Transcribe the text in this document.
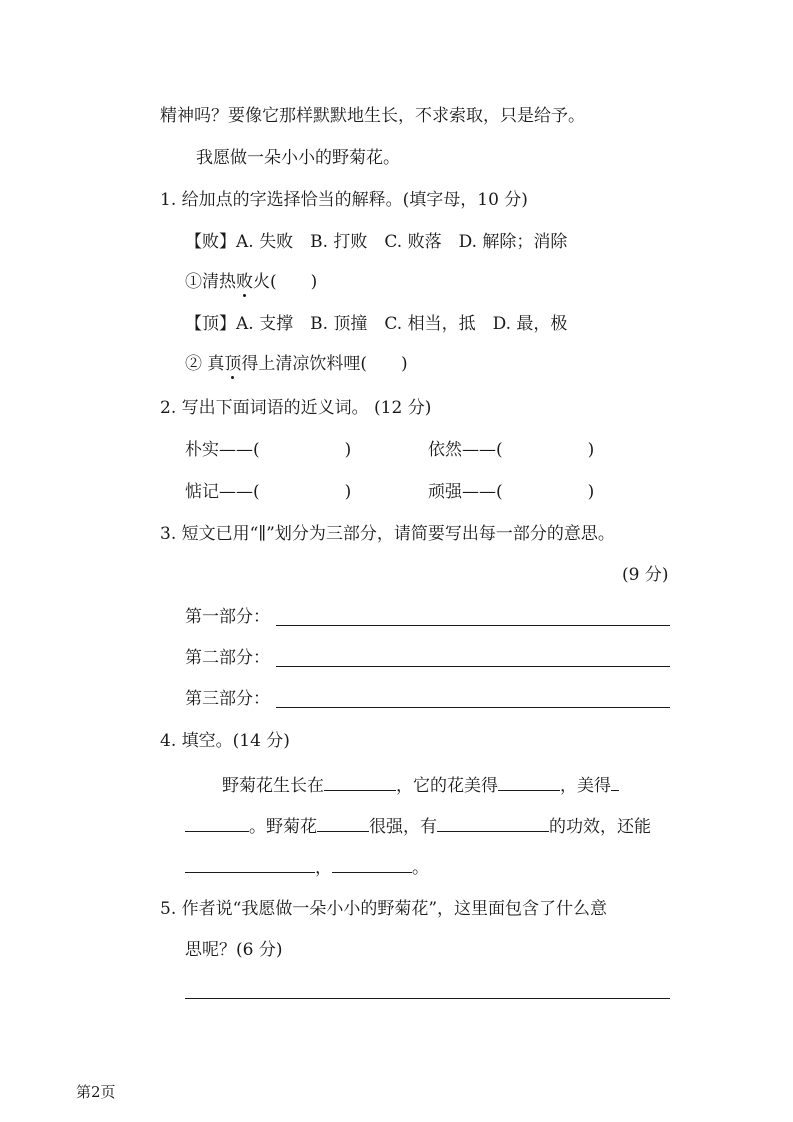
精神吗？要像它那样默默地生长，不求索取，只是给予。
我愿做一朵小小的野菊花。
1. 给加点的字选择恰当的解释。(填字母，10 分)
【败】A. 失败　B. 打败　C. 败落　D. 解除；消除
①清热败火(　　)
【顶】A. 支撑　B. 顶撞　C. 相当，抵　D. 最，极
② 真顶得上清凉饮料哩(　　)
2. 写出下面词语的近义词。 (12 分)
朴实——(　　　　　)	依然——(　　　　　)
惦记——(　　　　　)	顽强——(　　　　　)
3. 短文已用“∥”划分为三部分，请简要写出每一部分的意思。
(9 分)
第一部分：
第二部分：
第三部分：
4. 填空。(14 分)
野菊花生长在	，它的花美得	，美得
。野菊花	很强，有	的功效，还能
，	。
5. 作者说“我愿做一朵小小的野菊花”，这里面包含了什么意
思呢？(6 分)
第2页
